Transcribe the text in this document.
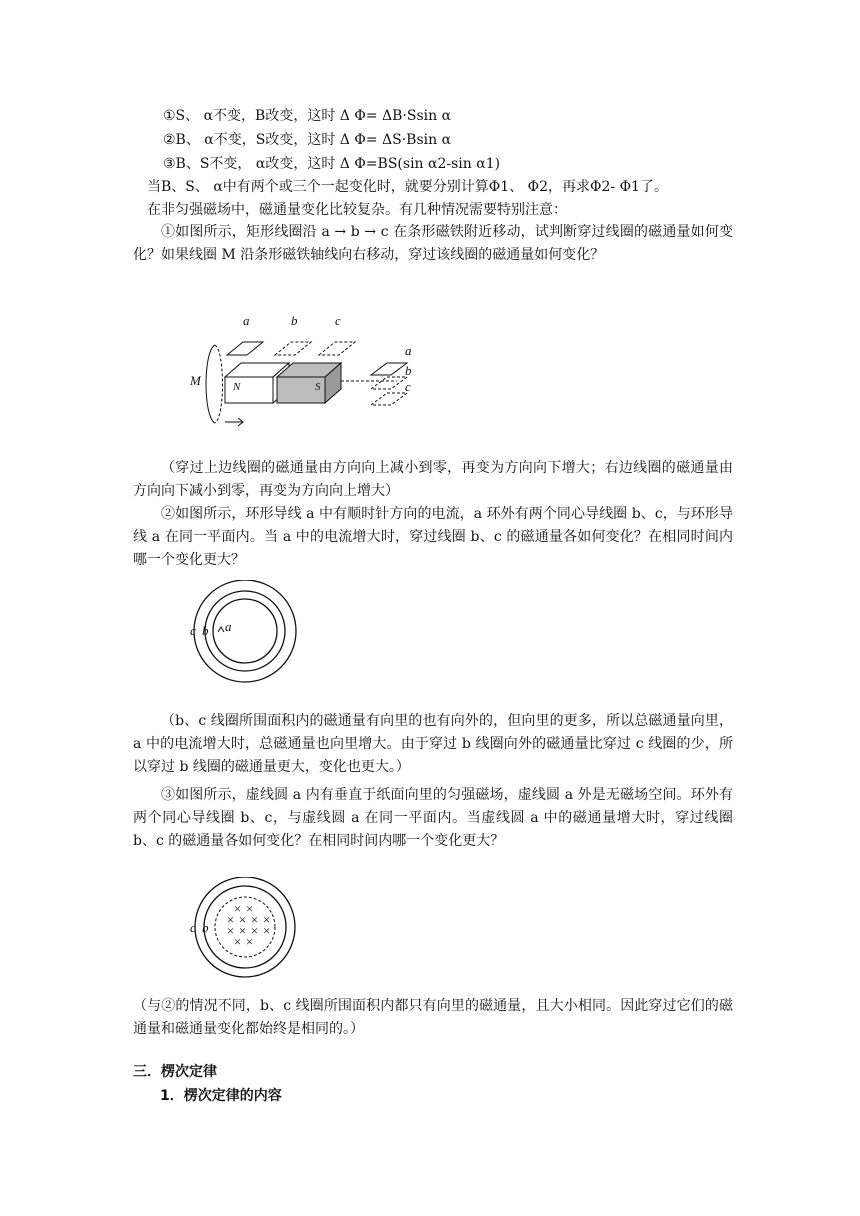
①S、 α不变，B改变，这时 Δ Φ= ΔB·Ssin α
②B、 α不变，S改变，这时 Δ Φ= ΔS·Bsin α
③B、S不变， α改变，这时 Δ Φ=BS(sin α2-sin α1)
当B、S、 α中有两个或三个一起变化时，就要分别计算Φ1、 Φ2，再求Φ2- Φ1了。
在非匀强磁场中，磁通量变化比较复杂。有几种情况需要特别注意：
①如图所示，矩形线圈沿 a → b → c 在条形磁铁附近移动，试判断穿过线圈的磁通量如何变化？如果线圈 M 沿条形磁铁轴线向右移动，穿过该线圈的磁通量如何变化？
a	b	c
N	S
a
b
c
M
（穿过上边线圈的磁通量由方向向上减小到零，再变为方向向下增大；右边线圈的磁通量由方向向下减小到零，再变为方向向上增大）
②如图所示，环形导线 a 中有顺时针方向的电流，a 环外有两个同心导线圈 b、c，与环形导线 a 在同一平面内。当 a 中的电流增大时，穿过线圈 b、c 的磁通量各如何变化？在相同时间内哪一个变化更大？
c b a
（b、c 线圈所围面积内的磁通量有向里的也有向外的，但向里的更多，所以总磁通量向里，a 中的电流增大时，总磁通量也向里增大。由于穿过 b 线圈向外的磁通量比穿过 c 线圈的少，所以穿过 b 线圈的磁通量更大，变化也更大。）
③如图所示，虚线圆 a 内有垂直于纸面向里的匀强磁场，虚线圆 a 外是无磁场空间。环外有两个同心导线圈 b、c，与虚线圆 a 在同一平面内。当虚线圆 a 中的磁通量增大时，穿过线圈 b、c 的磁通量各如何变化？在相同时间内哪一个变化更大？
× ×
× × × ×
× × × ×
× ×
c b
（与②的情况不同，b、c 线圈所围面积内都只有向里的磁通量，且大小相同。因此穿过它们的磁通量和磁通量变化都始终是相同的。）
三．楞次定律
1．楞次定律的内容
